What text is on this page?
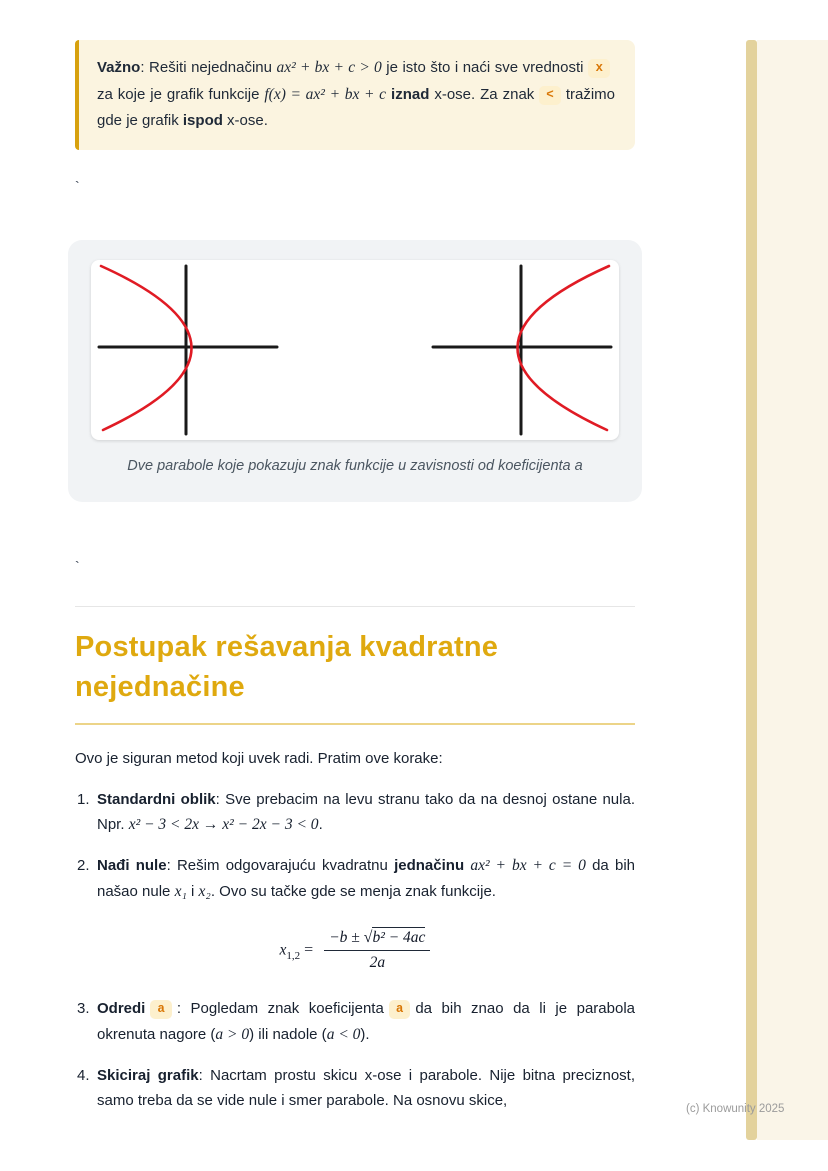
Važno: Rešiti nejednačinu ax² + bx + c > 0 je isto što i naći sve vrednosti xza koje je grafik funkcije f(x) = ax² + bx + c iznad x-ose. Za znak < tražimo gde je grafik ispod x-ose.
`
Dve parabole koje pokazuju znak funkcije u zavisnosti od koeficijenta a
`
Postupak rešavanja kvadratne nejednačine

Ovo je siguran metod koji uvek radi. Pratim ove korake:

1. Standardni oblik: Sve prebacim na levu stranu tako da na desnoj ostane nula. Npr. x² − 3 < 2x → x² − 2x − 3 < 0.
2. Nađi nule: Rešim odgovarajuću kvadratnu jednačinu ax² + bx + c = 0 da bih našao nule x₁ i x₂. Ovo su tačke gde se menja znak funkcije.
$x_{1,2} = \frac{\text{−b ± √b² − 4ac}}{2a}$
3. Odredi a : Pogledam znak koeficijenta a da bih znao da li je parabola okrenuta nagore (a > 0) ili nadole (a < 0).
4. Skiciraj grafik: Nacrtam prostu skicu x-ose i parabole. Nije bitna preciznost, samo treba da se vide nule i smer parabole. Na osnovu skice,
(c) Knowunity 2025
